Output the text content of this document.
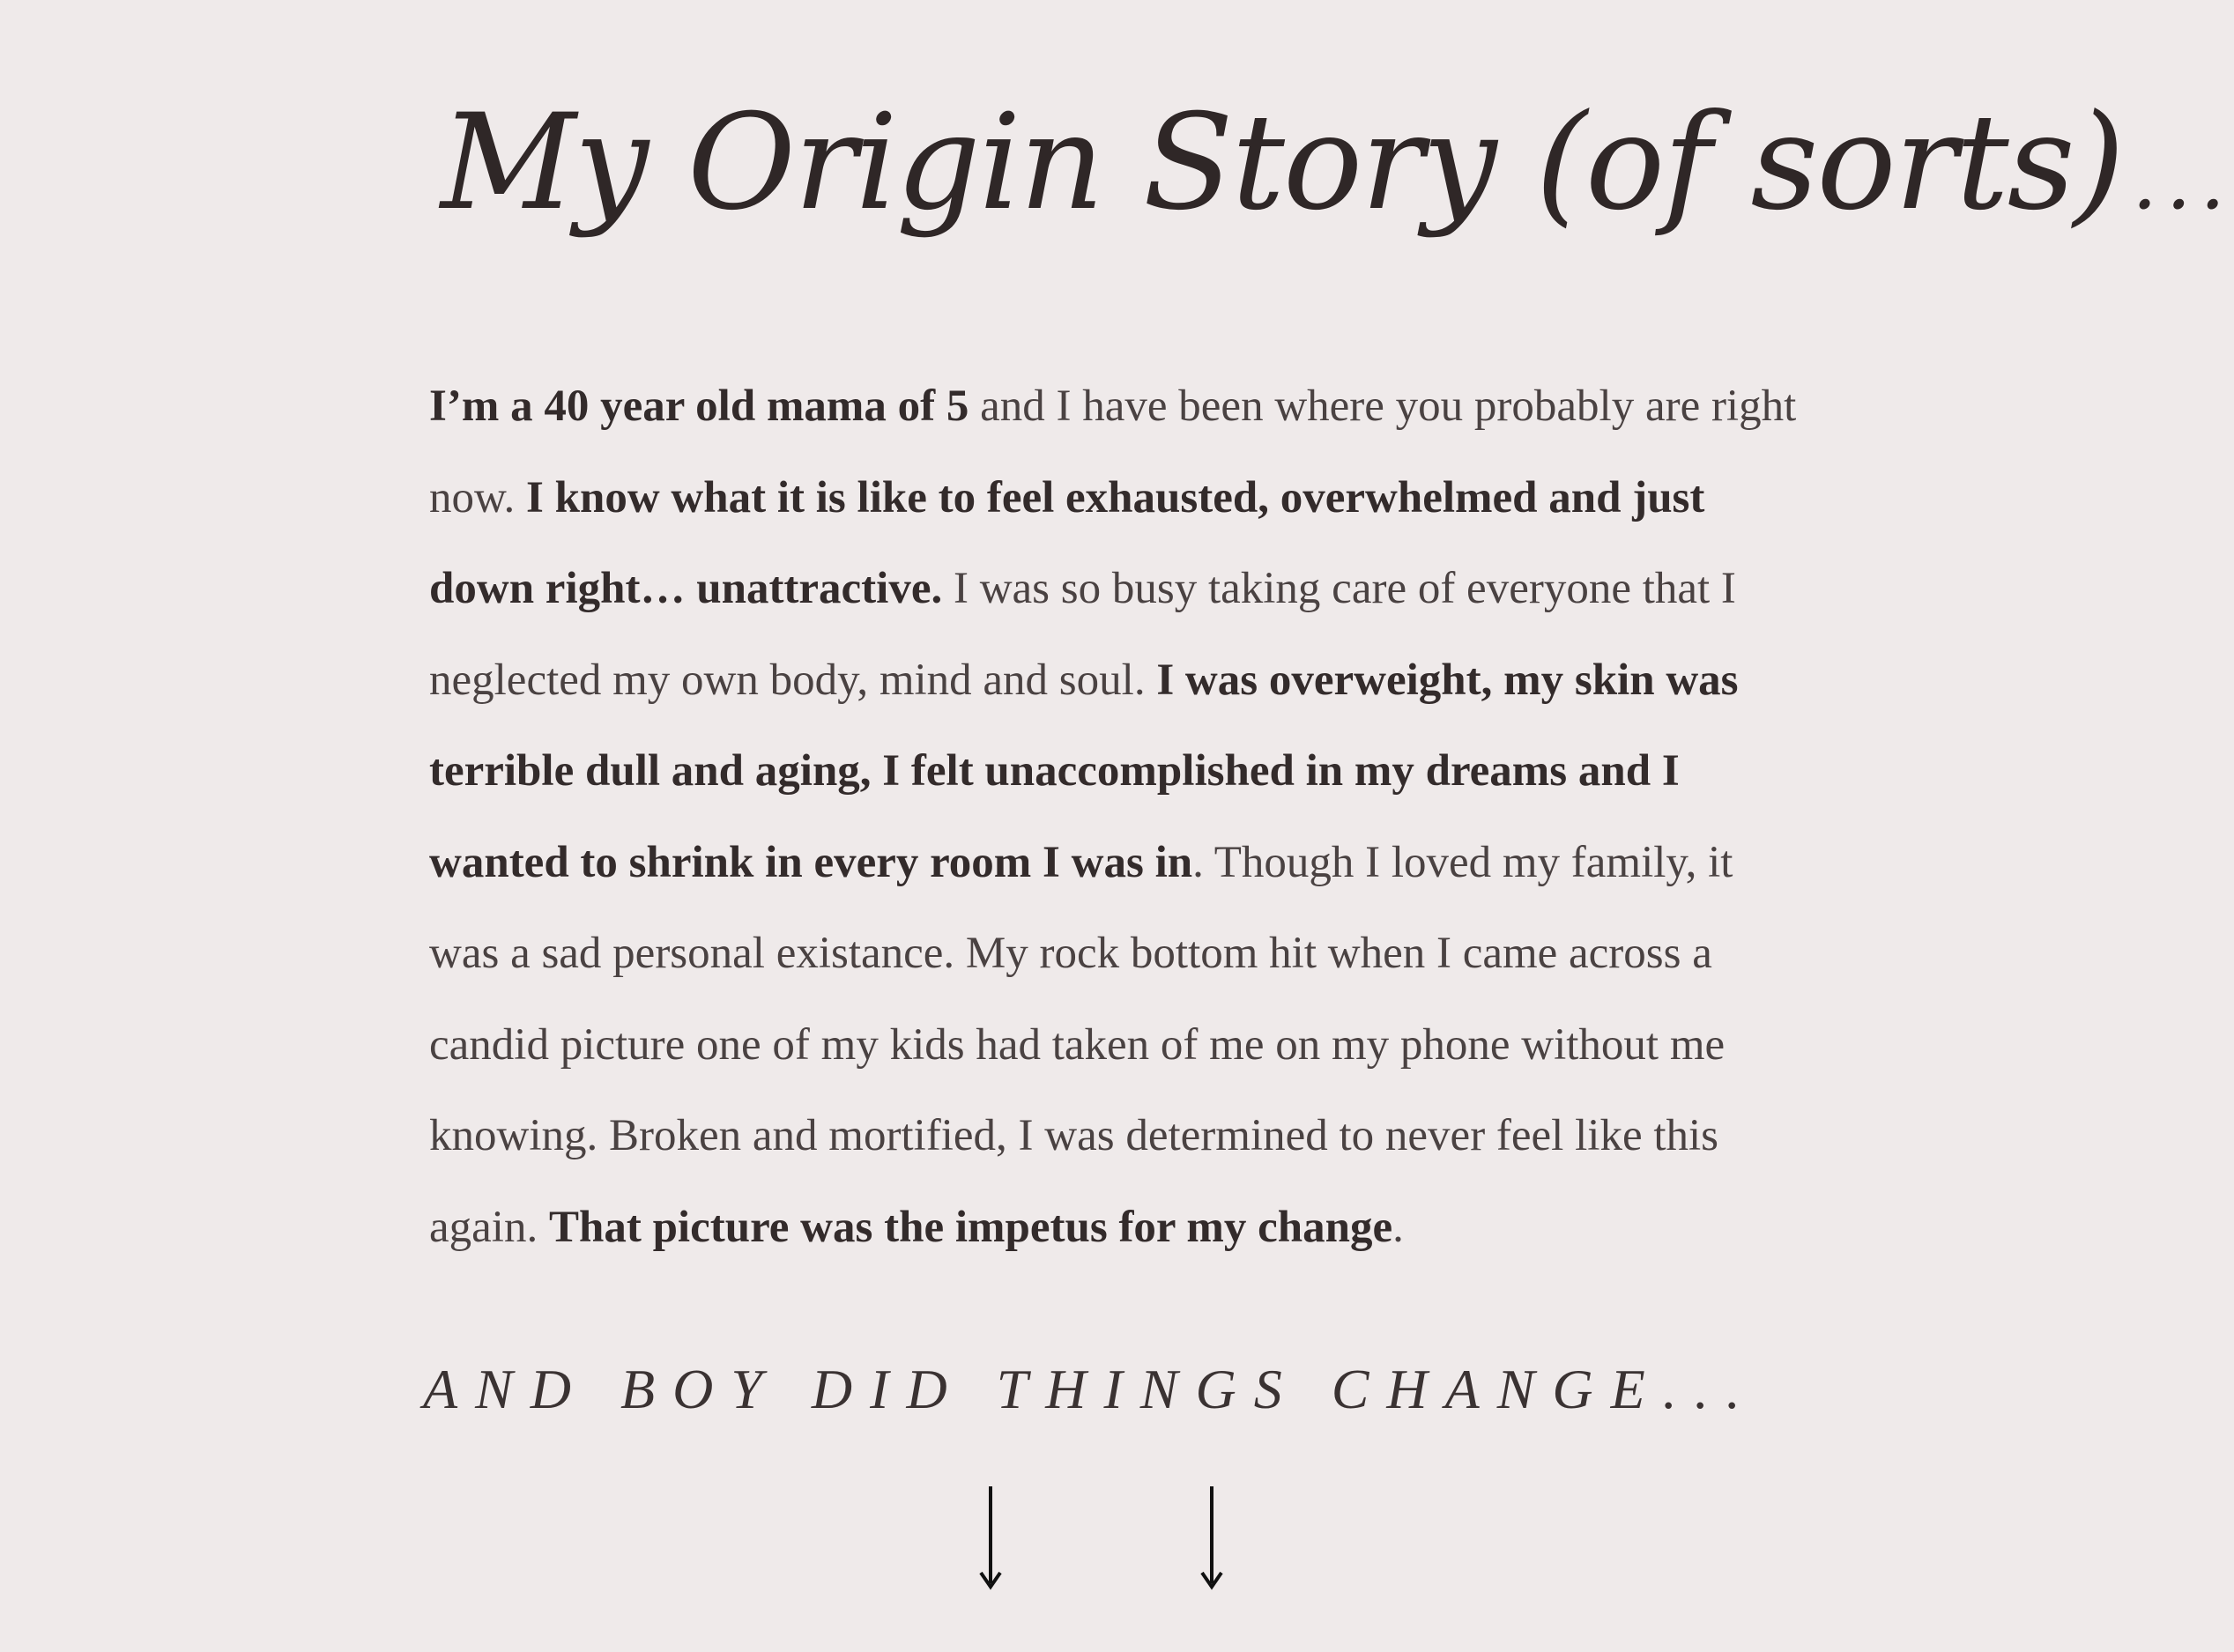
My Origin Story (of sorts) ...

I’m a 40 year old mama of 5 and I have been where you probably are right now. I know what it is like to feel exhausted, overwhelmed and just down right… unattractive. I was so busy taking care of everyone that I neglected my own body, mind and soul. I was overweight, my skin was terrible dull and aging, I felt unaccomplished in my dreams and I wanted to shrink in every room I was in. Though I loved my family, it was a sad personal existance. My rock bottom hit when I came across a candid picture one of my kids had taken of me on my phone without me knowing. Broken and mortified, I was determined to never feel like this again. That picture was the impetus for my change.

AND BOY DID THINGS CHANGE...
